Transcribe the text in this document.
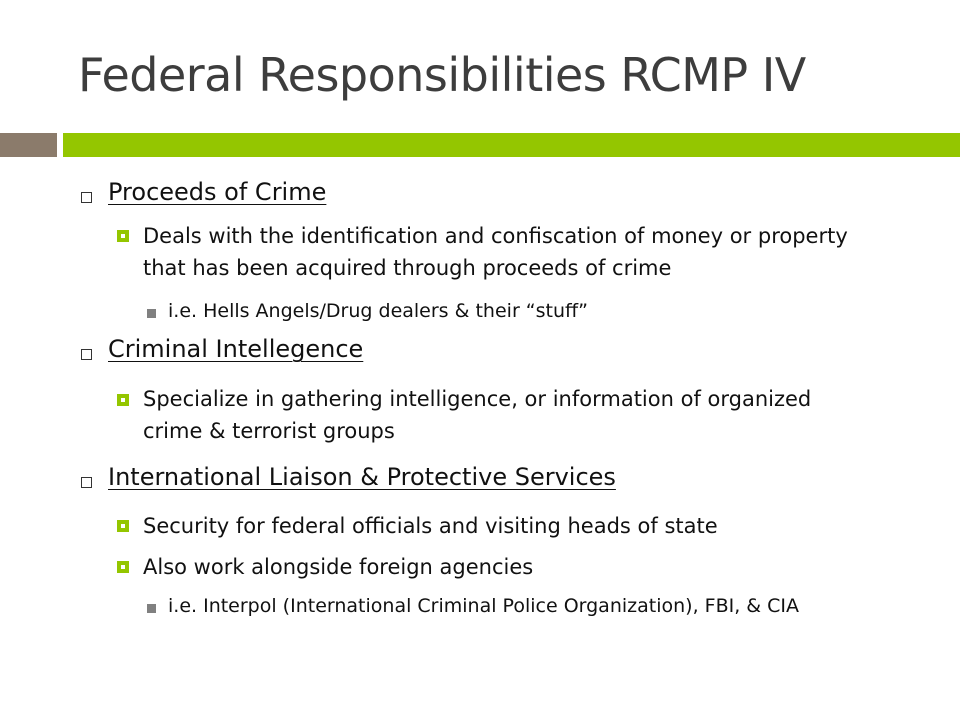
Federal Responsibilities RCMP IV
Proceeds of Crime
Deals with the identification and confiscation of money or property that has been acquired through proceeds of crime
i.e. Hells Angels/Drug dealers & their “stuff”
Criminal Intellegence
Specialize in gathering intelligence, or information of organized crime & terrorist groups
International Liaison & Protective Services
Security for federal officials and visiting heads of state
Also work alongside foreign agencies
i.e. Interpol (International Criminal Police Organization), FBI, & CIA
